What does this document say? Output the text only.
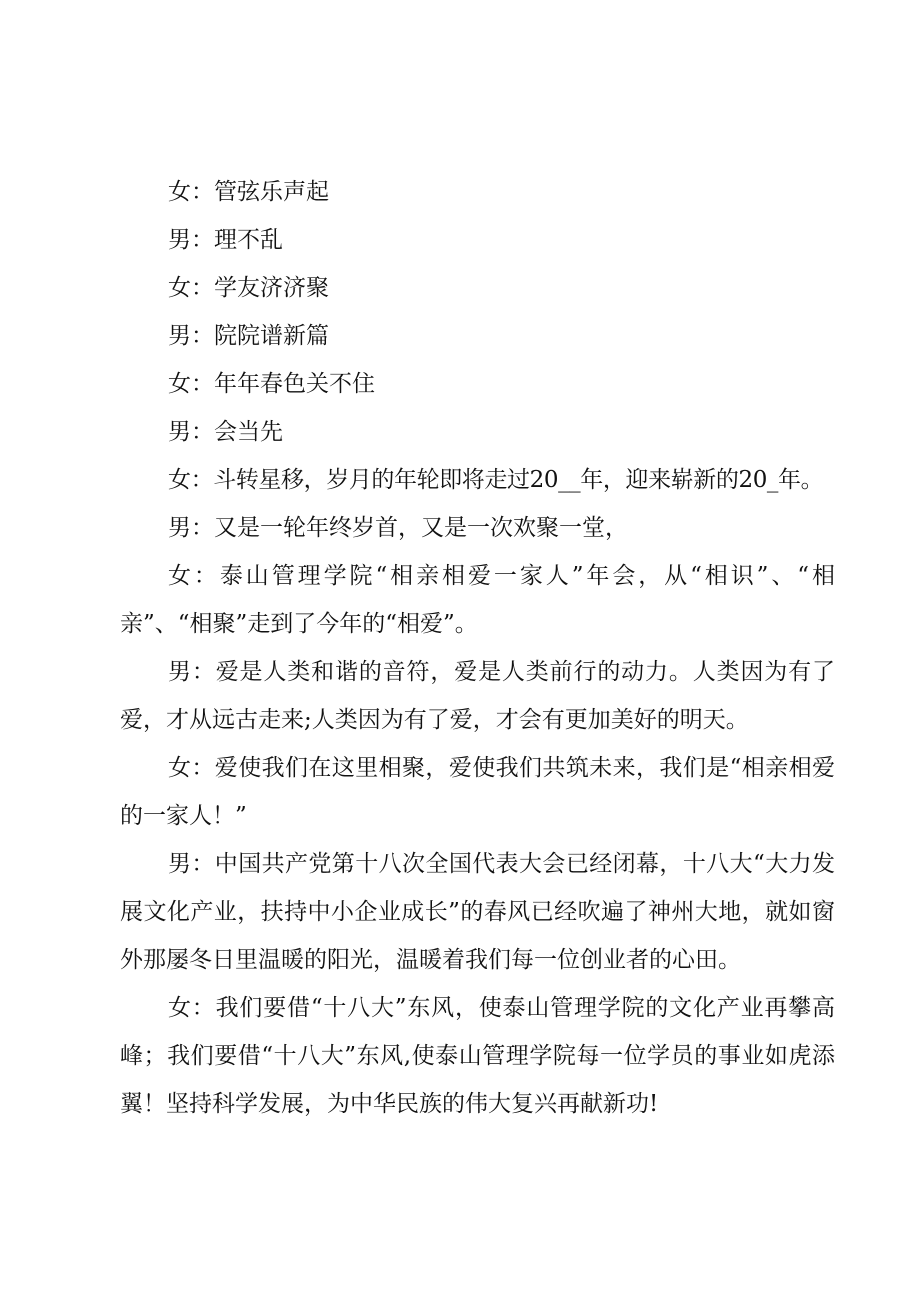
女：管弦乐声起

男：理不乱

女：学友济济聚

男：院院谱新篇

女：年年春色关不住

男：会当先

女：斗转星移，岁月的年轮即将走过20__年，迎来崭新的20_年。

男：又是一轮年终岁首，又是一次欢聚一堂，

女：泰山管理学院“相亲相爱一家人”年会，从“相识”、“相亲”、“相聚”走到了今年的“相爱”。

男：爱是人类和谐的音符，爱是人类前行的动力。人类因为有了爱，才从远古走来;人类因为有了爱，才会有更加美好的明天。

女：爱使我们在这里相聚，爱使我们共筑未来，我们是“相亲相爱的一家人！”

男：中国共产党第十八次全国代表大会已经闭幕，十八大“大力发展文化产业，扶持中小企业成长”的春风已经吹遍了神州大地，就如窗外那屡冬日里温暖的阳光，温暖着我们每一位创业者的心田。

女：我们要借“十八大”东风，使泰山管理学院的文化产业再攀高峰；我们要借“十八大”东风,使泰山管理学院每一位学员的事业如虎添翼！坚持科学发展，为中华民族的伟大复兴再献新功!
